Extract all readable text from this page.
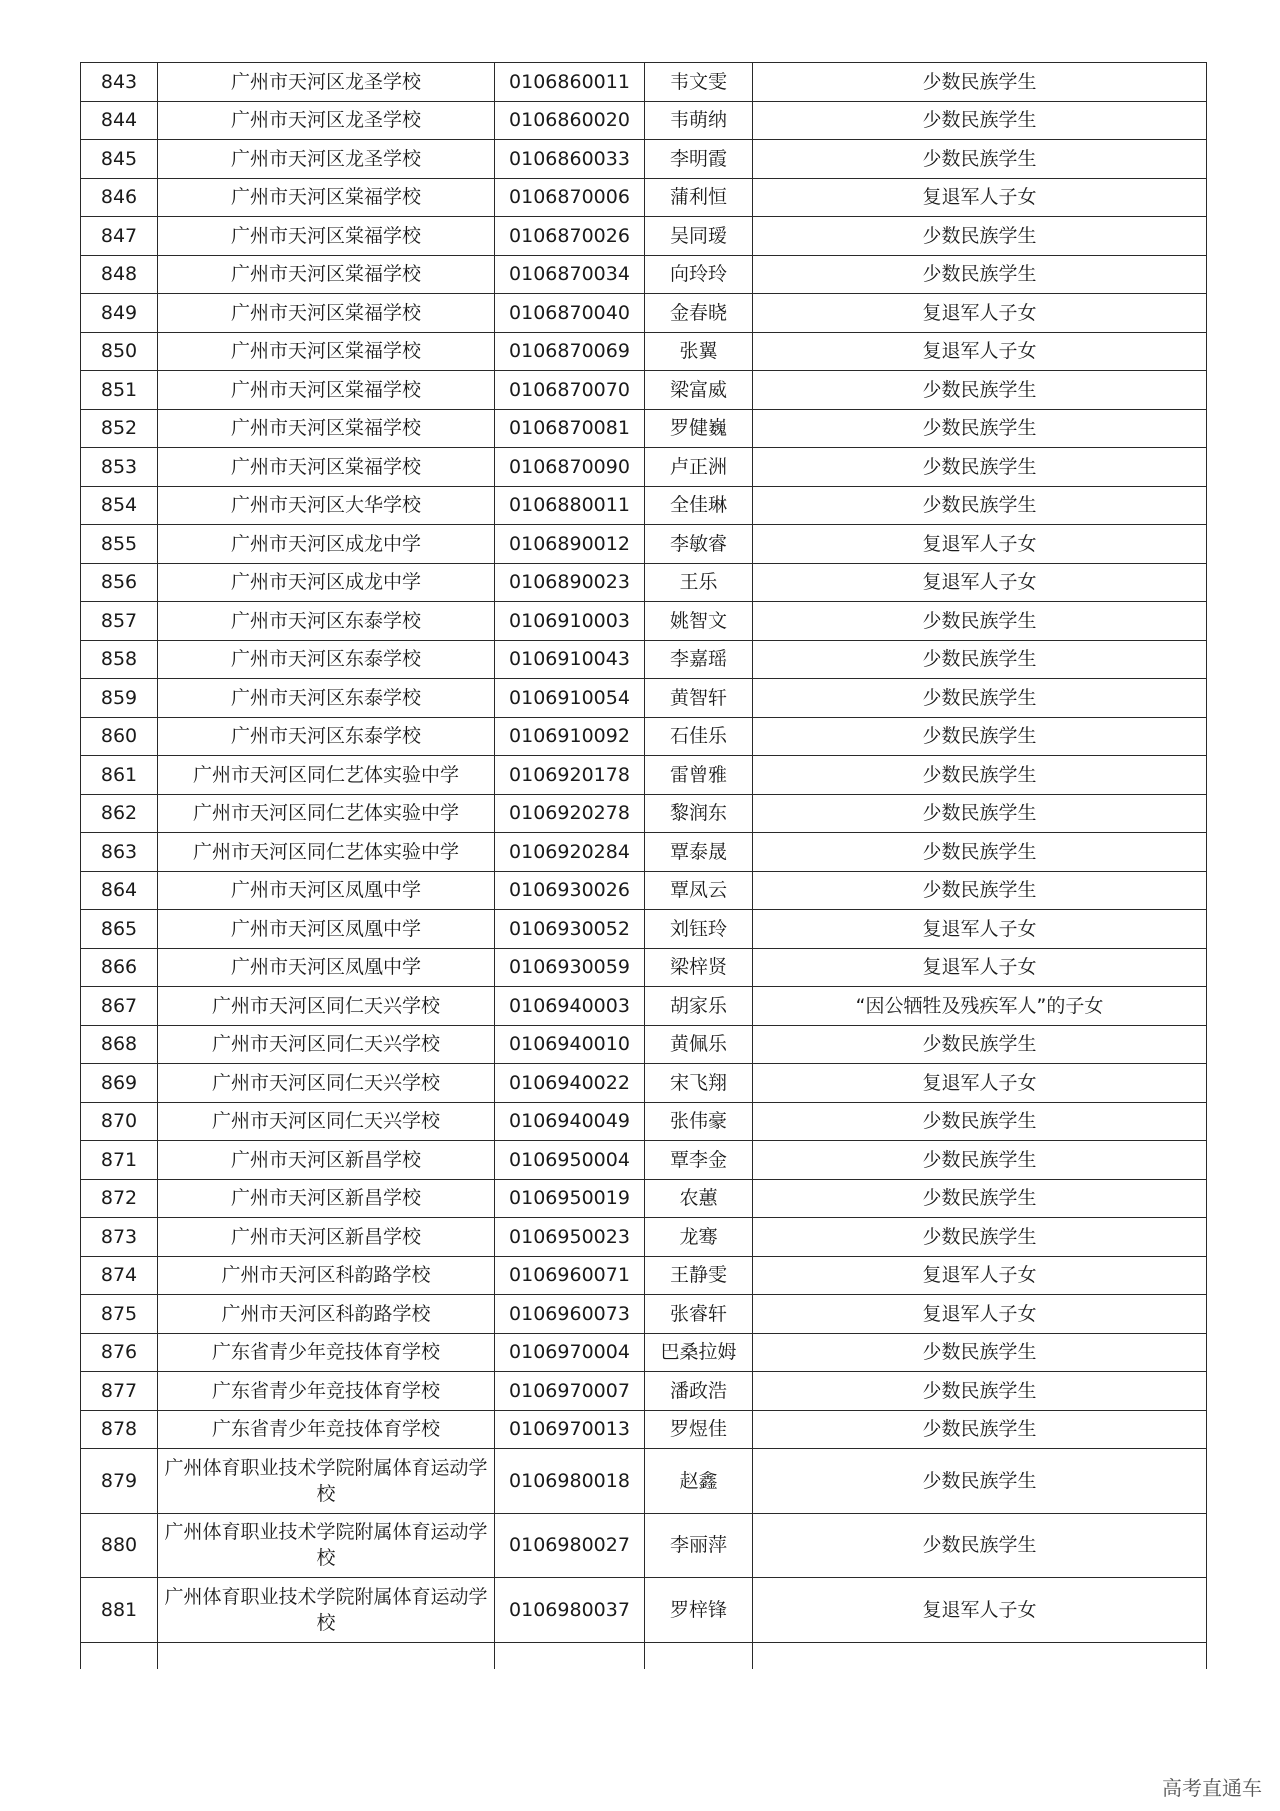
843	广州市天河区龙圣学校	0106860011	韦文雯	少数民族学生
844	广州市天河区龙圣学校	0106860020	韦萌纳	少数民族学生
845	广州市天河区龙圣学校	0106860033	李明霞	少数民族学生
846	广州市天河区棠福学校	0106870006	蒲利恒	复退军人子女
847	广州市天河区棠福学校	0106870026	吴同瑷	少数民族学生
848	广州市天河区棠福学校	0106870034	向玲玲	少数民族学生
849	广州市天河区棠福学校	0106870040	金春晓	复退军人子女
850	广州市天河区棠福学校	0106870069	张翼	复退军人子女
851	广州市天河区棠福学校	0106870070	梁富威	少数民族学生
852	广州市天河区棠福学校	0106870081	罗健巍	少数民族学生
853	广州市天河区棠福学校	0106870090	卢正洲	少数民族学生
854	广州市天河区大华学校	0106880011	全佳琳	少数民族学生
855	广州市天河区成龙中学	0106890012	李敏睿	复退军人子女
856	广州市天河区成龙中学	0106890023	王乐	复退军人子女
857	广州市天河区东泰学校	0106910003	姚智文	少数民族学生
858	广州市天河区东泰学校	0106910043	李嘉瑶	少数民族学生
859	广州市天河区东泰学校	0106910054	黄智轩	少数民族学生
860	广州市天河区东泰学校	0106910092	石佳乐	少数民族学生
861	广州市天河区同仁艺体实验中学	0106920178	雷曾雅	少数民族学生
862	广州市天河区同仁艺体实验中学	0106920278	黎润东	少数民族学生
863	广州市天河区同仁艺体实验中学	0106920284	覃泰晟	少数民族学生
864	广州市天河区凤凰中学	0106930026	覃凤云	少数民族学生
865	广州市天河区凤凰中学	0106930052	刘钰玲	复退军人子女
866	广州市天河区凤凰中学	0106930059	梁梓贤	复退军人子女
867	广州市天河区同仁天兴学校	0106940003	胡家乐	“因公牺牲及残疾军人”的子女
868	广州市天河区同仁天兴学校	0106940010	黄佩乐	少数民族学生
869	广州市天河区同仁天兴学校	0106940022	宋飞翔	复退军人子女
870	广州市天河区同仁天兴学校	0106940049	张伟豪	少数民族学生
871	广州市天河区新昌学校	0106950004	覃李金	少数民族学生
872	广州市天河区新昌学校	0106950019	农蕙	少数民族学生
873	广州市天河区新昌学校	0106950023	龙骞	少数民族学生
874	广州市天河区科韵路学校	0106960071	王静雯	复退军人子女
875	广州市天河区科韵路学校	0106960073	张睿轩	复退军人子女
876	广东省青少年竞技体育学校	0106970004	巴桑拉姆	少数民族学生
877	广东省青少年竞技体育学校	0106970007	潘政浩	少数民族学生
878	广东省青少年竞技体育学校	0106970013	罗煜佳	少数民族学生
879	广州体育职业技术学院附属体育运动学校	0106980018	赵鑫	少数民族学生
880	广州体育职业技术学院附属体育运动学校	0106980027	李丽萍	少数民族学生
881	广州体育职业技术学院附属体育运动学校	0106980037	罗梓锋	复退军人子女

高考直通车
